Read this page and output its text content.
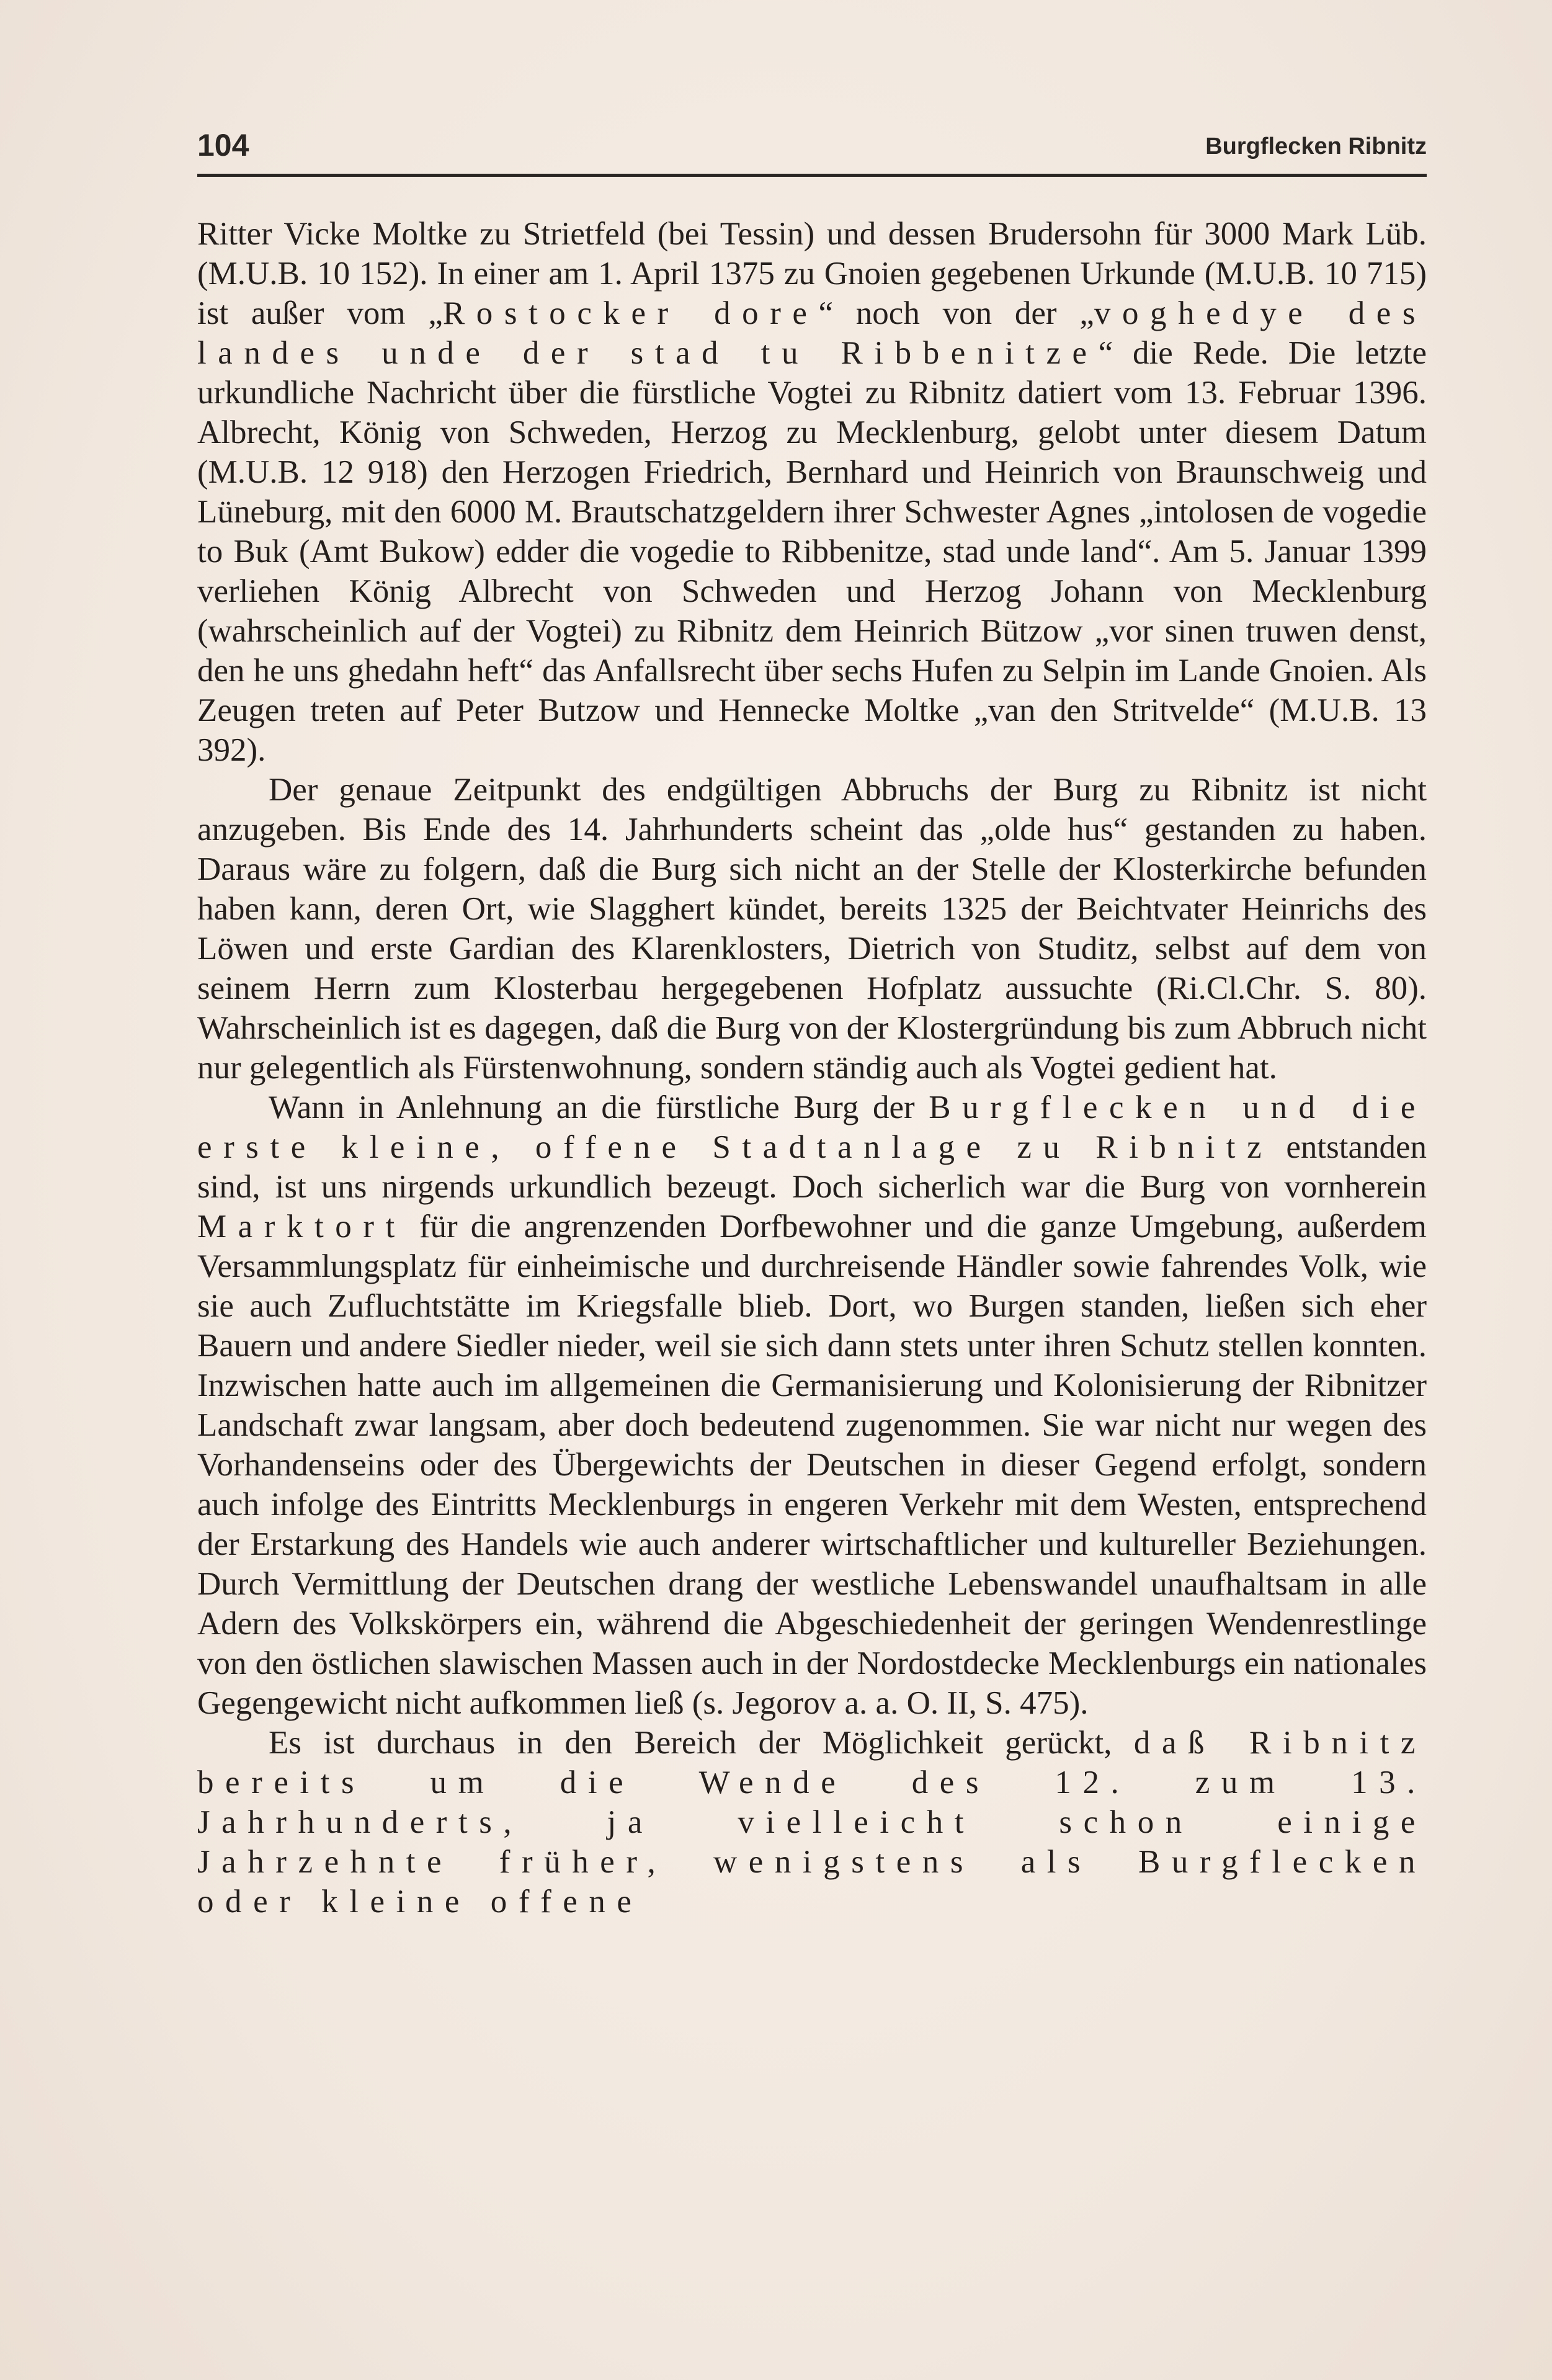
104	Burgflecken Ribnitz

Ritter Vicke Moltke zu Strietfeld (bei Tessin) und dessen Brudersohn für 3000 Mark Lüb. (M.U.B. 10 152). In einer am 1. April 1375 zu Gnoien gegebenen Urkunde (M.U.B. 10 715) ist außer vom „Rostocker dore“ noch von der „voghedye des landes unde der stad tu Ribbenitze“ die Rede. Die letzte urkundliche Nachricht über die fürstliche Vogtei zu Ribnitz datiert vom 13. Februar 1396. Albrecht, König von Schweden, Herzog zu Mecklenburg, gelobt unter diesem Datum (M.U.B. 12 918) den Herzogen Friedrich, Bernhard und Heinrich von Braunschweig und Lüneburg, mit den 6000 M. Brautschatzgeldern ihrer Schwester Agnes „intolosen de vogedie to Buk (Amt Bukow) edder die vogedie to Ribbenitze, stad unde land“. Am 5. Januar 1399 verliehen König Albrecht von Schweden und Herzog Johann von Mecklenburg (wahrscheinlich auf der Vogtei) zu Ribnitz dem Heinrich Bützow „vor sinen truwen denst, den he uns ghedahn heft“ das Anfallsrecht über sechs Hufen zu Selpin im Lande Gnoien. Als Zeugen treten auf Peter Butzow und Hennecke Moltke „van den Stritvelde“ (M.U.B. 13 392).

Der genaue Zeitpunkt des endgültigen Abbruchs der Burg zu Ribnitz ist nicht anzugeben. Bis Ende des 14. Jahrhunderts scheint das „olde hus“ gestanden zu haben. Daraus wäre zu folgern, daß die Burg sich nicht an der Stelle der Klosterkirche befunden haben kann, deren Ort, wie Slagghert kündet, bereits 1325 der Beichtvater Heinrichs des Löwen und erste Gardian des Klarenklosters, Dietrich von Studitz, selbst auf dem von seinem Herrn zum Klosterbau hergegebenen Hofplatz aussuchte (Ri.Cl.Chr. S. 80). Wahrscheinlich ist es dagegen, daß die Burg von der Klostergründung bis zum Abbruch nicht nur gelegentlich als Fürstenwohnung, sondern ständig auch als Vogtei gedient hat.

Wann in Anlehnung an die fürstliche Burg der Burgflecken und die erste kleine, offene Stadtanlage zu Ribnitz entstanden sind, ist uns nirgends urkundlich bezeugt. Doch sicherlich war die Burg von vornherein Marktort für die angrenzenden Dorfbewohner und die ganze Umgebung, außerdem Versammlungsplatz für einheimische und durchreisende Händler sowie fahrendes Volk, wie sie auch Zufluchtstätte im Kriegsfalle blieb. Dort, wo Burgen standen, ließen sich eher Bauern und andere Siedler nieder, weil sie sich dann stets unter ihren Schutz stellen konnten. Inzwischen hatte auch im allgemeinen die Germanisierung und Kolonisierung der Ribnitzer Landschaft zwar langsam, aber doch bedeutend zugenommen. Sie war nicht nur wegen des Vorhandenseins oder des Übergewichts der Deutschen in dieser Gegend erfolgt, sondern auch infolge des Eintritts Mecklenburgs in engeren Verkehr mit dem Westen, entsprechend der Erstarkung des Handels wie auch anderer wirtschaftlicher und kultureller Beziehungen. Durch Vermittlung der Deutschen drang der westliche Lebenswandel unaufhaltsam in alle Adern des Volkskörpers ein, während die Abgeschiedenheit der geringen Wendenrestlinge von den östlichen slawischen Massen auch in der Nordostdecke Mecklenburgs ein nationales Gegengewicht nicht aufkommen ließ (s. Jegorov a. a. O. II, S. 475).

Es ist durchaus in den Bereich der Möglichkeit gerückt, daß Ribnitz bereits um die Wende des 12. zum 13. Jahrhunderts, ja vielleicht schon einige Jahrzehnte früher, wenigstens als Burgflecken oder kleine offene
